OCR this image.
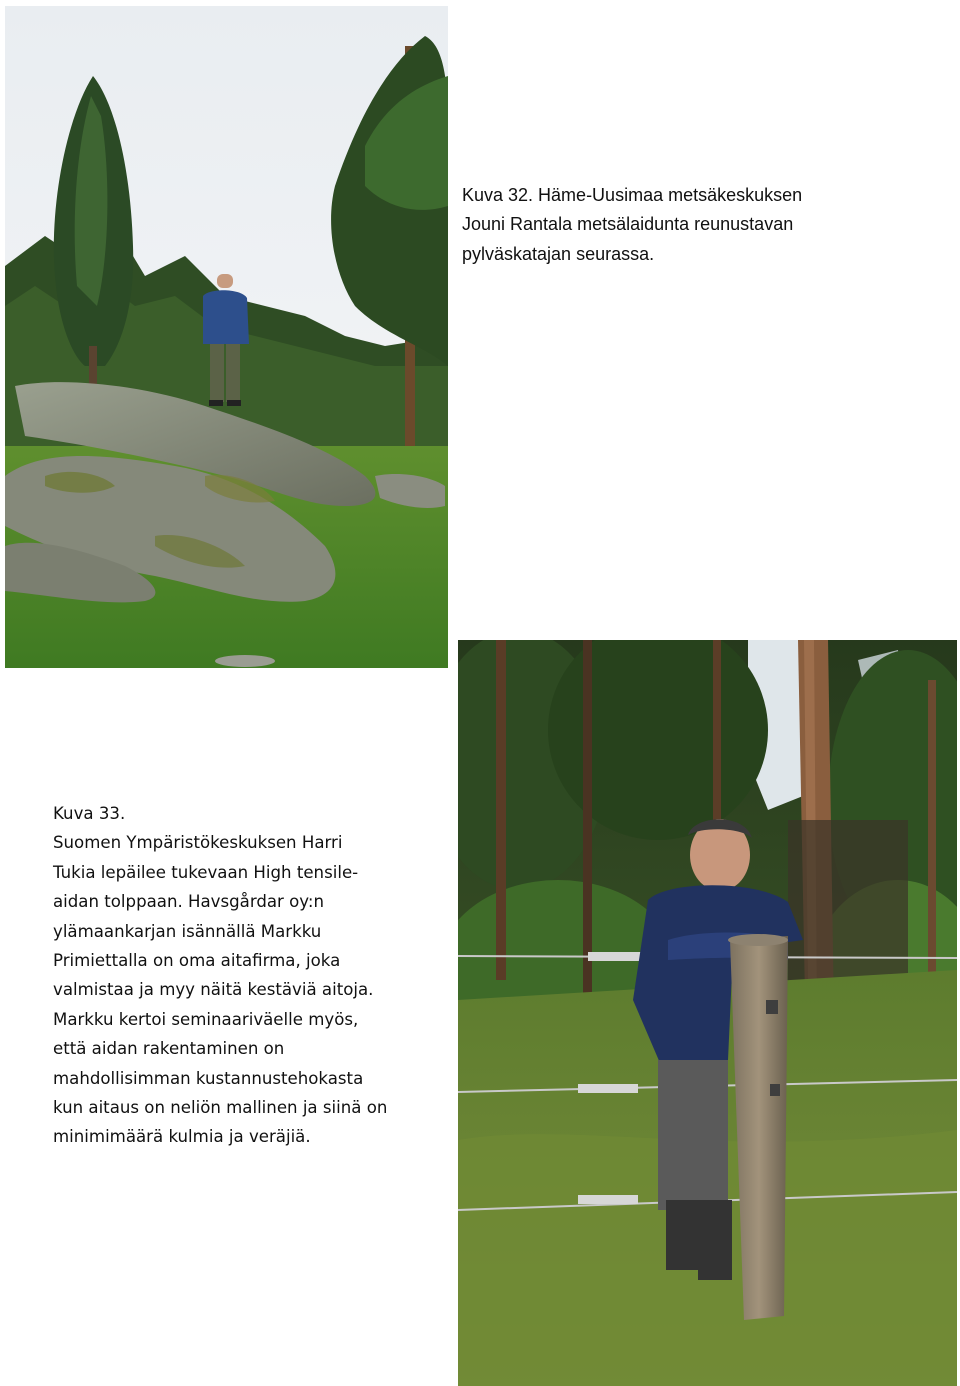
Kuva 32. Häme-Uusimaa metsäkeskuksen
Jouni Rantala metsälaidunta reunustavan
pylväskatajan seurassa.
Kuva 33.
Suomen Ympäristökeskuksen Harri
Tukia lepäilee tukevaan High tensile-
aidan tolppaan. Havsgårdar oy:n
ylämaankarjan isännällä Markku
Primiettalla on oma aitafirma, joka
valmistaa ja myy näitä kestäviä aitoja.
Markku kertoi seminaariväelle myös,
että aidan rakentaminen on
mahdollisimman kustannustehokasta
kun aitaus on neliön mallinen ja siinä on
minimimäärä kulmia ja veräjiä.
